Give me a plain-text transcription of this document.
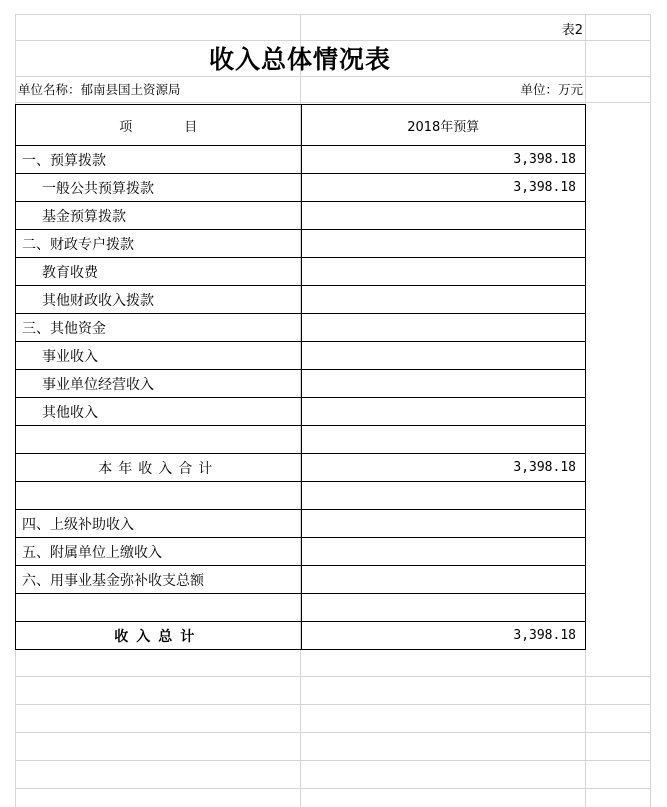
表2
收入总体情况表
单位名称：郁南县国土资源局	单位：万元
项 目	2018年预算
一、预算拨款	3,398.18
一般公共预算拨款	3,398.18
基金预算拨款	
二、财政专户拨款	
教育收费	
其他财政收入拨款	
三、其他资金	
事业收入	
事业单位经营收入	
其他收入	

本年收入合计	3,398.18

四、上级补助收入	
五、附属单位上缴收入	
六、用事业基金弥补收支总额	

收入总计	3,398.18
